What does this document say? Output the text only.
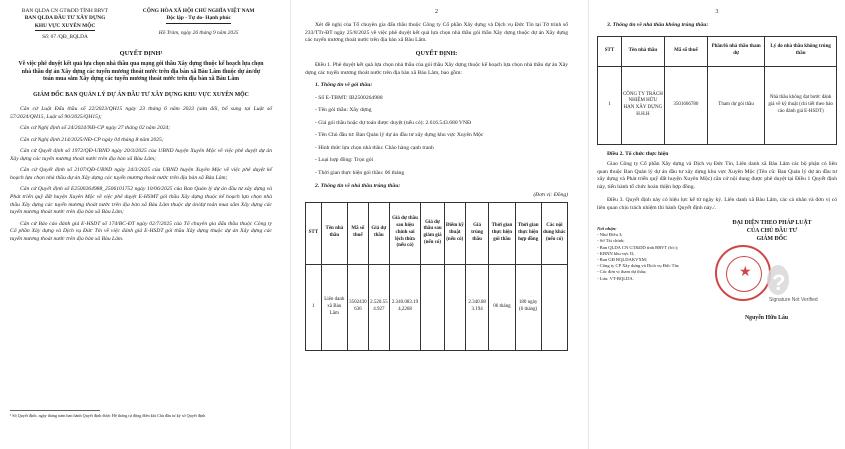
BAN QLDA CN GT&DD TỈNH BRVT
BAN QLDA ĐẦU TƯ XÂY DỰNG
KHU VỰC XUYÊN MỘC
Số: 07 /QĐ_BQLDA
CỘNG HÒA XÃ HỘI CHỦ NGHĨA VIỆT NAM
Độc lập - Tự do- Hạnh phúc
Hồ Tràm, ngày 26 tháng 9 năm 2025
QUYẾT ĐỊNH¹
Về việc phê duyệt kết quả lựa chọn nhà thầu qua mạng gói thầu Xây dựng thuộc kế hoạch lựa chọn nhà thầu dự án Xây dựng các tuyến mương thoát nước trên địa bàn xã Bàu Lâm thuộc dự án/dự toán mua sắm Xây dựng các tuyến mương thoát nước trên địa bàn xã Bàu Lâm
GIÁM ĐỐC BAN QUẢN LÝ DỰ ÁN ĐẦU TƯ XÂY DỰNG KHU VỰC XUYÊN MỘC
Căn cứ Luật Đấu thầu số 22/2023/QH15 ngày 23 tháng 6 năm 2023 (sửa đổi, bổ sung tại Luật số 57/2024/QH15, Luật số 90/2025/QH15);
Căn cứ Nghị định số 24/2024/NĐ-CP ngày 27 tháng 02 năm 2024;
Căn cứ Nghị định 214/2025/NĐ-CP ngày 04 tháng 8 năm 2025;
Căn cứ Quyết định số 1972/QĐ-UBND ngày 20/3/2025 của UBND huyện Xuyên Mộc về việc phê duyệt dự án Xây dựng các tuyến mương thoát nước trên địa bàn xã Bàu Lâm;
Căn cứ Quyết định số 2107/QĐ-UBND ngày 24/3/2025 của UBND huyện Xuyên Mộc về việc phê duyệt kế hoạch lựa chọn nhà thầu dự án Xây dựng các tuyến mương thoát nước trên địa bàn xã Bàu Lâm;
Căn cứ Quyết định số E2500264988_2506101752 ngày 10/06/2025 của Ban Quản lý dự án đầu tư xây dựng và Phát triển quỹ đất huyện Xuyên Mộc về việc phê duyệt E-HSMT gói thầu Xây dựng thuộc kế hoạch lựa chọn nhà thầu Xây dựng các tuyến mương thoát nước trên địa bàn xã Bàu Lâm thuộc dự án/dự toán mua sắm Xây dựng các tuyến mương thoát nước trên địa bàn xã Bàu Lâm;
Căn cứ Báo cáo đánh giá E-HSDT số 174/BC-ĐT ngày 02/7/2025 của Tổ chuyên gia đấu thầu thuộc Công ty Cổ phần Xây dựng và Dịch vụ Đức Tín về việc đánh giá E-HSDT gói thầu Xây dựng thuộc dự án Xây dựng các tuyến mương thoát nước trên địa bàn xã Bàu Lâm.
¹ Số Quyết định, ngày tháng năm ban hành Quyết định được Hệ thống tự động điền khi Chủ đầu tư ký số Quyết định
2
Xét đề nghị của Tổ chuyên gia đấu thầu thuộc Công ty Cổ phần Xây dựng và Dịch vụ Đức Tín tại Tờ trình số 233/TTr-ĐT ngày 25/8/2025 về việc phê duyệt kết quả lựa chọn nhà thầu gói thầu Xây dựng thuộc dự án Xây dựng các tuyến mương thoát nước trên địa bàn xã Bàu Lâm.
QUYẾT ĐỊNH:
Điều 1. Phê duyệt kết quả lựa chọn nhà thầu của gói thầu Xây dựng thuộc kế hoạch lựa chọn nhà thầu dự án Xây dựng các tuyến mương thoát nước trên địa bàn xã Bàu Lâm, bao gồm:
1. Thông tin về gói thầu:
- Số E-TBMT: IB2500264988
- Tên gói thầu: Xây dựng
- Giá gói thầu hoặc dự toán được duyệt (nếu có): 2.616.543.680 VNĐ
- Tên Chủ đầu tư: Ban Quản lý dự án đầu tư xây dựng khu vực Xuyên Mộc
- Hình thức lựa chọn nhà thầu: Chào hàng cạnh tranh
- Loại hợp đồng: Trọn gói
- Thời gian thực hiện gói thầu: 06 tháng
2. Thông tin về nhà thầu trúng thầu:
(Đơn vị: Đồng)
STT	Tên nhà thầu	Mã số thuế	Giá dự thầu	Giá dự thầu sau hiệu chỉnh sai lệch thừa (nếu có)	Giá dự thầu sau giảm giá (nếu có)	Điểm kỹ thuật (nếu có)	Giá trúng thầu	Thời gian thực hiện gói thầu	Thời gian thực hiện hợp đồng	Các nội dung khác (nếu có)
1	Liên danh xã Bàu Lâm	3502430636	2.520.554.927	2.340.083.194,2268			2.340.083.194	06 tháng	180 ngày (6 tháng)	
3
3. Thông tin về nhà thầu không trúng thầu:
STT	Tên nhà thầu	Mã số thuế	Phần/lô nhà thầu tham dự	Lý do nhà thầu không trúng thầu
1	CÔNG TY TRÁCH NHIỆM HỮU HẠN XÂY DỰNG H.H.H	3501666780	Tham dự gói thầu	Nhà thầu không đạt bước đánh giá về kỹ thuật (chi tiết theo báo cáo đánh giá E-HSDT)
Điều 2. Tổ chức thực hiện
Giao Công ty Cổ phần Xây dựng và Dịch vụ Đức Tín, Liên danh xã Bàu Lâm các bộ phận có liên quan thuộc Ban Quản lý dự án đầu tư xây dựng khu vực Xuyên Mộc (Tên cũ: Ban Quản lý dự án đầu tư xây dựng và Phát triển quỹ đất huyện Xuyên Mộc) căn cứ nội dung được phê duyệt tại Điều 1 Quyết định này, tiến hành tổ chức hoàn thiện hợp đồng.
Điều 3. Quyết định này có hiệu lực kể từ ngày ký. Liên danh xã Bàu Lâm, các cá nhân và đơn vị có liên quan chịu trách nhiệm thi hành Quyết định này./.
Nơi nhận:
- Như Điều 3;
- Sở Tài chính;
- Ban QLDA CN GT&DD tỉnh BRVT (b/c);
- KBNN khu vực II;
- Ban GĐ BQLDAKVXM;
- Công ty CP Xây dựng và Dịch vụ Đức Tín;
- Các đơn vị tham dự thầu;
- Lưu: VT-BQLDA.
ĐẠI DIỆN THEO PHÁP LUẬT
CỦA CHỦ ĐẦU TƯ
GIÁM ĐỐC
★
?
Signature Not Verified
Nguyễn Hữu Lâu
